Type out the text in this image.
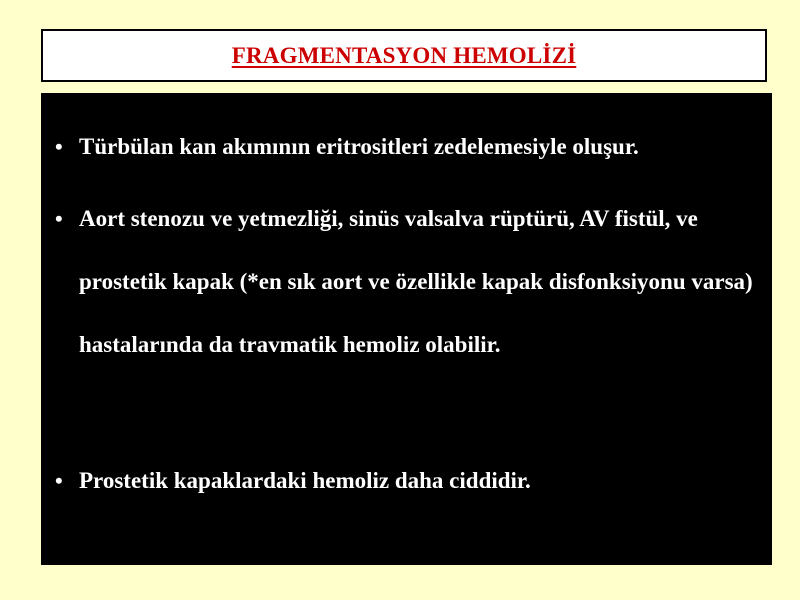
FRAGMENTASYON HEMOLİZİ
• Türbülan kan akımının eritrositleri zedelemesiyle oluşur.
• Aort stenozu ve yetmezliği, sinüs valsalva rüptürü, AV fistül, ve prostetik kapak (*en sık aort ve özellikle kapak disfonksiyonu varsa) hastalarında da travmatik hemoliz olabilir.
• Prostetik kapaklardaki hemoliz daha ciddidir.
